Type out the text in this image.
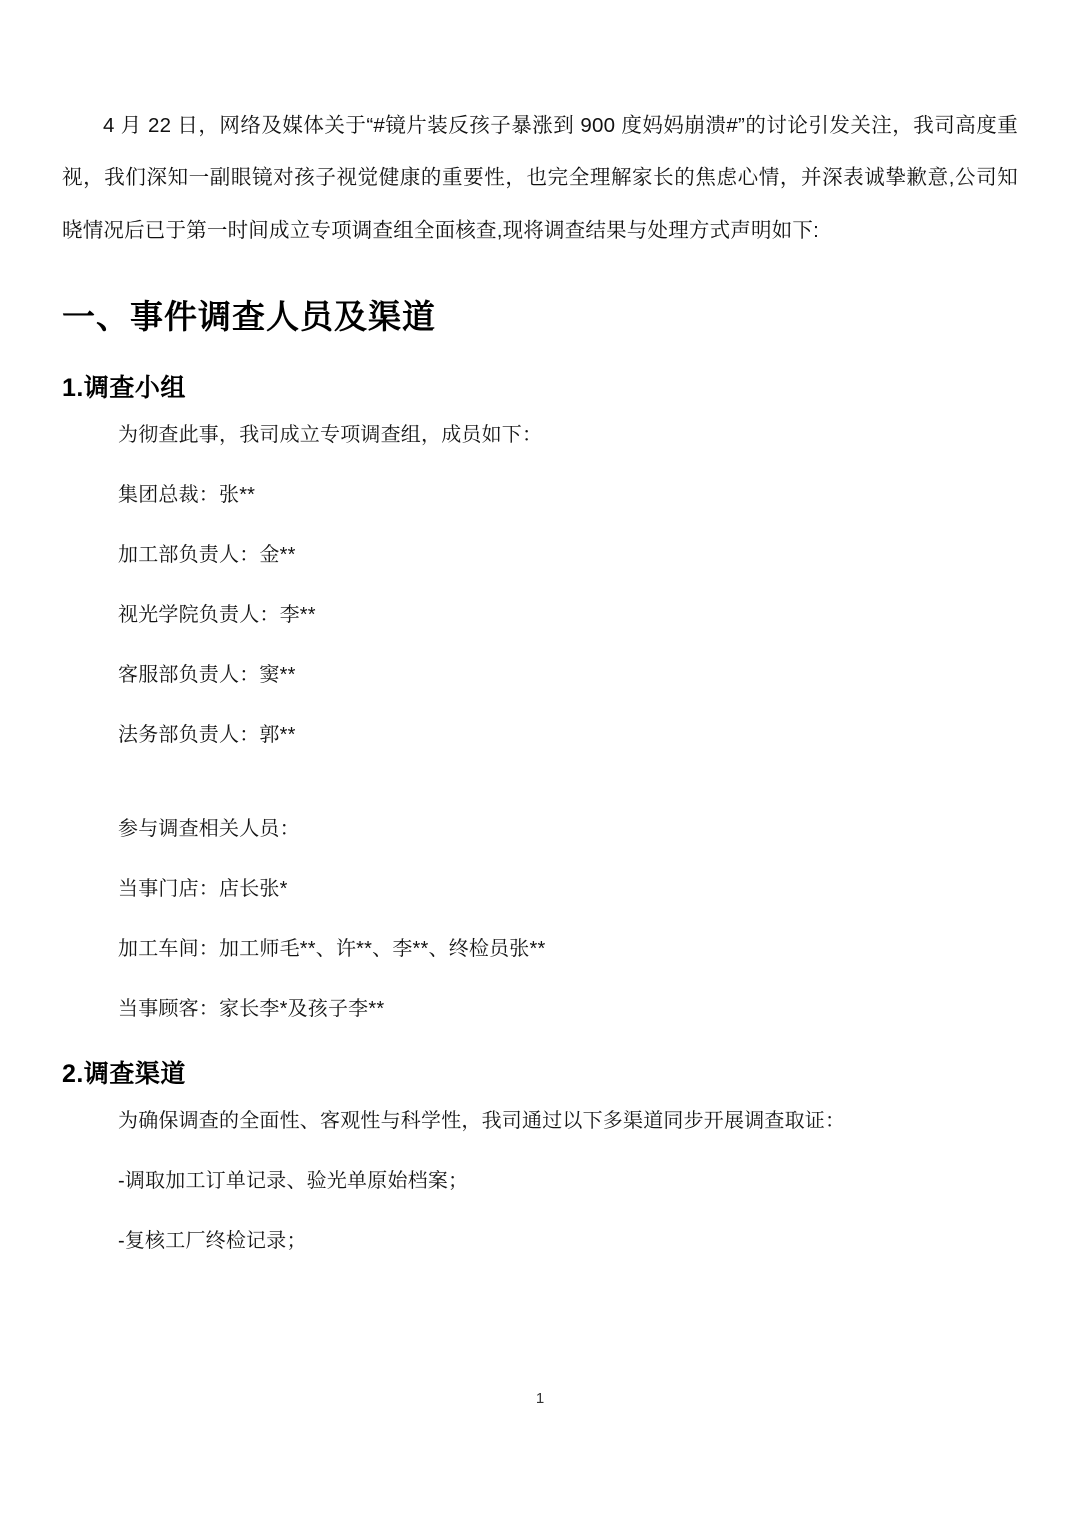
4 月 22 日，网络及媒体关于“#镜片装反孩子暴涨到 900 度妈妈崩溃#”的讨论引发关注，我司高度重视，我们深知一副眼镜对孩子视觉健康的重要性，也完全理解家长的焦虑心情，并深表诚挚歉意,公司知晓情况后已于第一时间成立专项调查组全面核查,现将调查结果与处理方式声明如下:

一、事件调查人员及渠道
1.调查小组

为彻查此事，我司成立专项调查组，成员如下：

集团总裁：张**

加工部负责人：金**

视光学院负责人：李**

客服部负责人：窦**

法务部负责人：郭**

参与调查相关人员：

当事门店：店长张*

加工车间：加工师毛**、许**、李**、终检员张**

当事顾客：家长李*及孩子李**

2.调查渠道

为确保调查的全面性、客观性与科学性，我司通过以下多渠道同步开展调查取证：

-调取加工订单记录、验光单原始档案；

-复核工厂终检记录；

1
